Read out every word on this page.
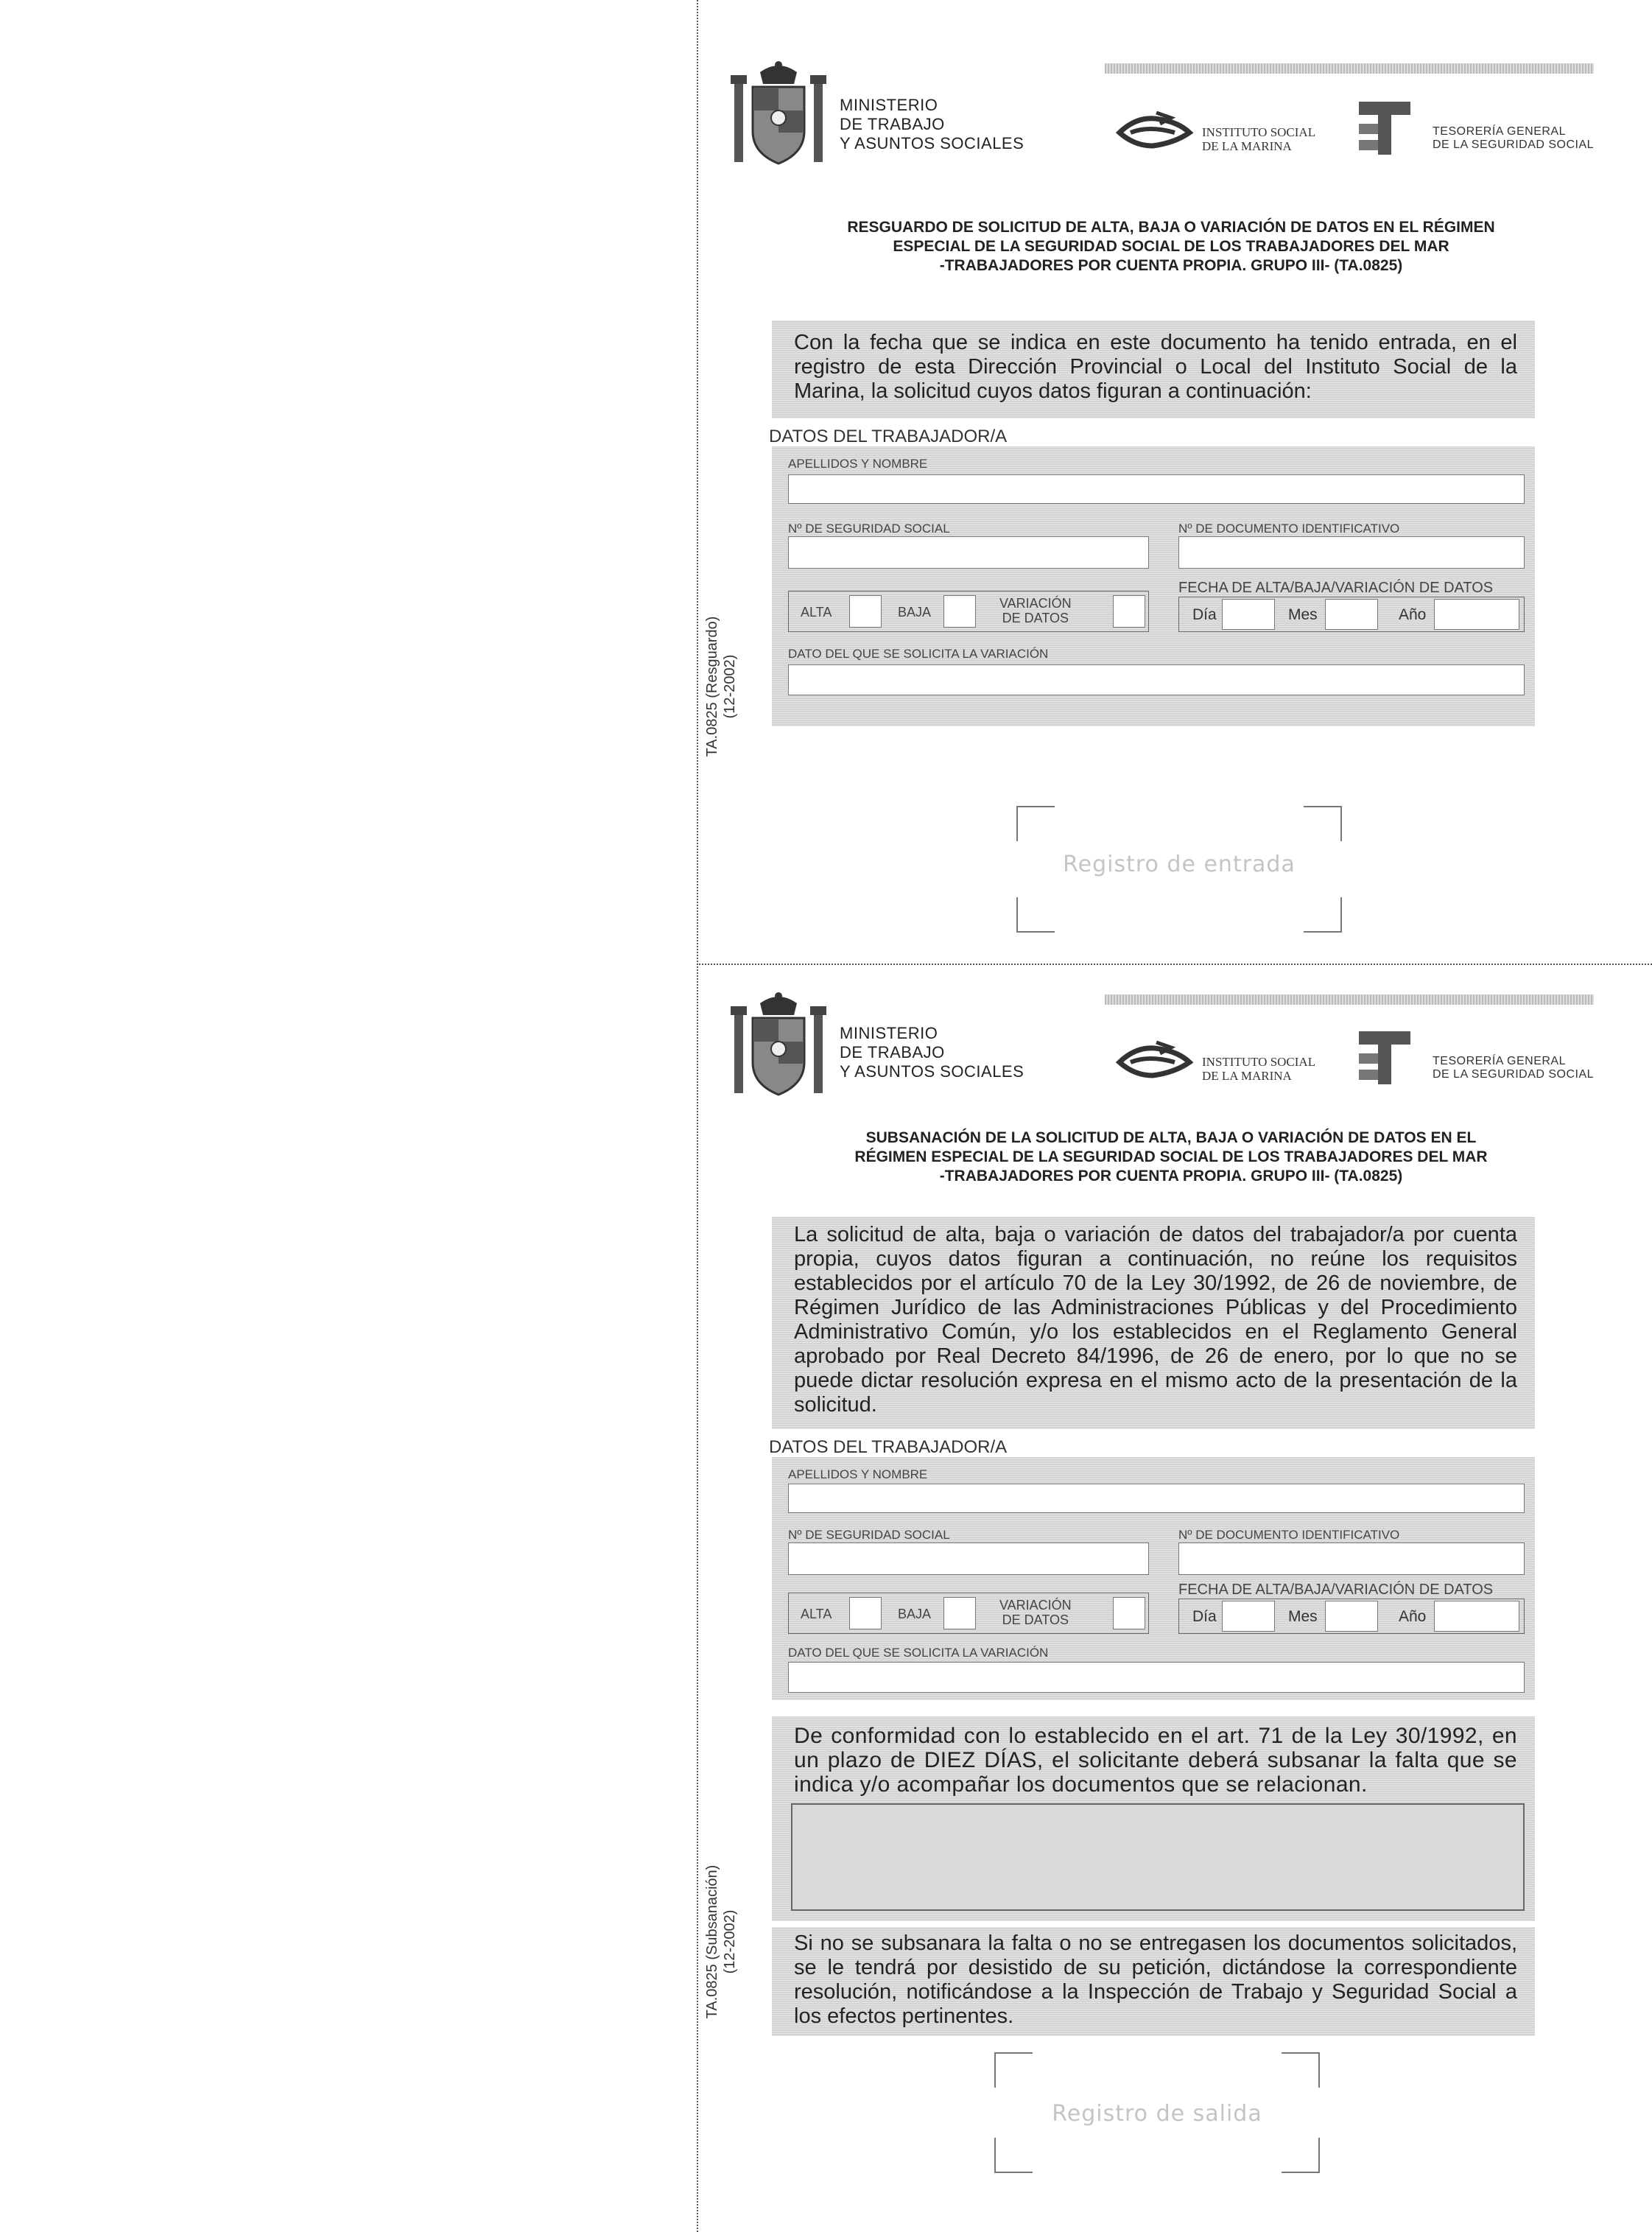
TA.0825 (Resguardo) (12-2002)
TA.0825 (Subsanación) (12-2002)
MINISTERIO
DE TRABAJO
Y ASUNTOS SOCIALES
INSTITUTO SOCIAL
DE LA MARINA
TESORERÍA GENERAL
DE LA SEGURIDAD SOCIAL
RESGUARDO DE SOLICITUD DE ALTA, BAJA O VARIACIÓN DE DATOS EN EL RÉGIMEN
ESPECIAL DE LA SEGURIDAD SOCIAL DE LOS TRABAJADORES DEL MAR
-TRABAJADORES POR CUENTA PROPIA. GRUPO III- (TA.0825)
Con la fecha que se indica en este documento ha tenido entrada, en el registro de esta Dirección Provincial o Local del Instituto Social de la Marina, la solicitud cuyos datos figuran a continuación:
DATOS DEL TRABAJADOR/A
APELLIDOS Y NOMBRE
Nº DE SEGURIDAD SOCIAL	Nº DE DOCUMENTO IDENTIFICATIVO
ALTA	BAJA
VARIACIÓN
DE DATOS
FECHA DE ALTA/BAJA/VARIACIÓN DE DATOS
Día	Mes	Año
DATO DEL QUE SE SOLICITA LA VARIACIÓN
Registro de entrada
MINISTERIO
DE TRABAJO
Y ASUNTOS SOCIALES
INSTITUTO SOCIAL
DE LA MARINA
TESORERÍA GENERAL
DE LA SEGURIDAD SOCIAL
SUBSANACIÓN DE LA SOLICITUD DE ALTA, BAJA O VARIACIÓN DE DATOS EN EL
RÉGIMEN ESPECIAL DE LA SEGURIDAD SOCIAL DE LOS TRABAJADORES DEL MAR
-TRABAJADORES POR CUENTA PROPIA. GRUPO III- (TA.0825)
La solicitud de alta, baja o variación de datos del trabajador/a por cuenta propia, cuyos datos figuran a continuación, no reúne los requisitos establecidos por el artículo 70 de la Ley 30/1992, de 26 de noviembre, de Régimen Jurídico de las Administraciones Públicas y del Procedimiento Administrativo Común, y/o los establecidos en el Reglamento General aprobado por Real Decreto 84/1996, de 26 de enero, por lo que no se puede dictar resolución expresa en el mismo acto de la presentación de la solicitud.
DATOS DEL TRABAJADOR/A
APELLIDOS Y NOMBRE
Nº DE SEGURIDAD SOCIAL	Nº DE DOCUMENTO IDENTIFICATIVO
ALTA	BAJA
VARIACIÓN
DE DATOS
FECHA DE ALTA/BAJA/VARIACIÓN DE DATOS
Día	Mes	Año
DATO DEL QUE SE SOLICITA LA VARIACIÓN
De conformidad con lo establecido en el art. 71 de la Ley 30/1992, en un plazo de DIEZ DÍAS, el solicitante deberá subsanar la falta que se indica y/o acompañar los documentos que se relacionan.
Si no se subsanara la falta o no se entregasen los documentos solicitados, se le tendrá por desistido de su petición, dictándose la correspondiente resolución, notificándose a la Inspección de Trabajo y Seguridad Social a los efectos pertinentes.
Registro de salida
